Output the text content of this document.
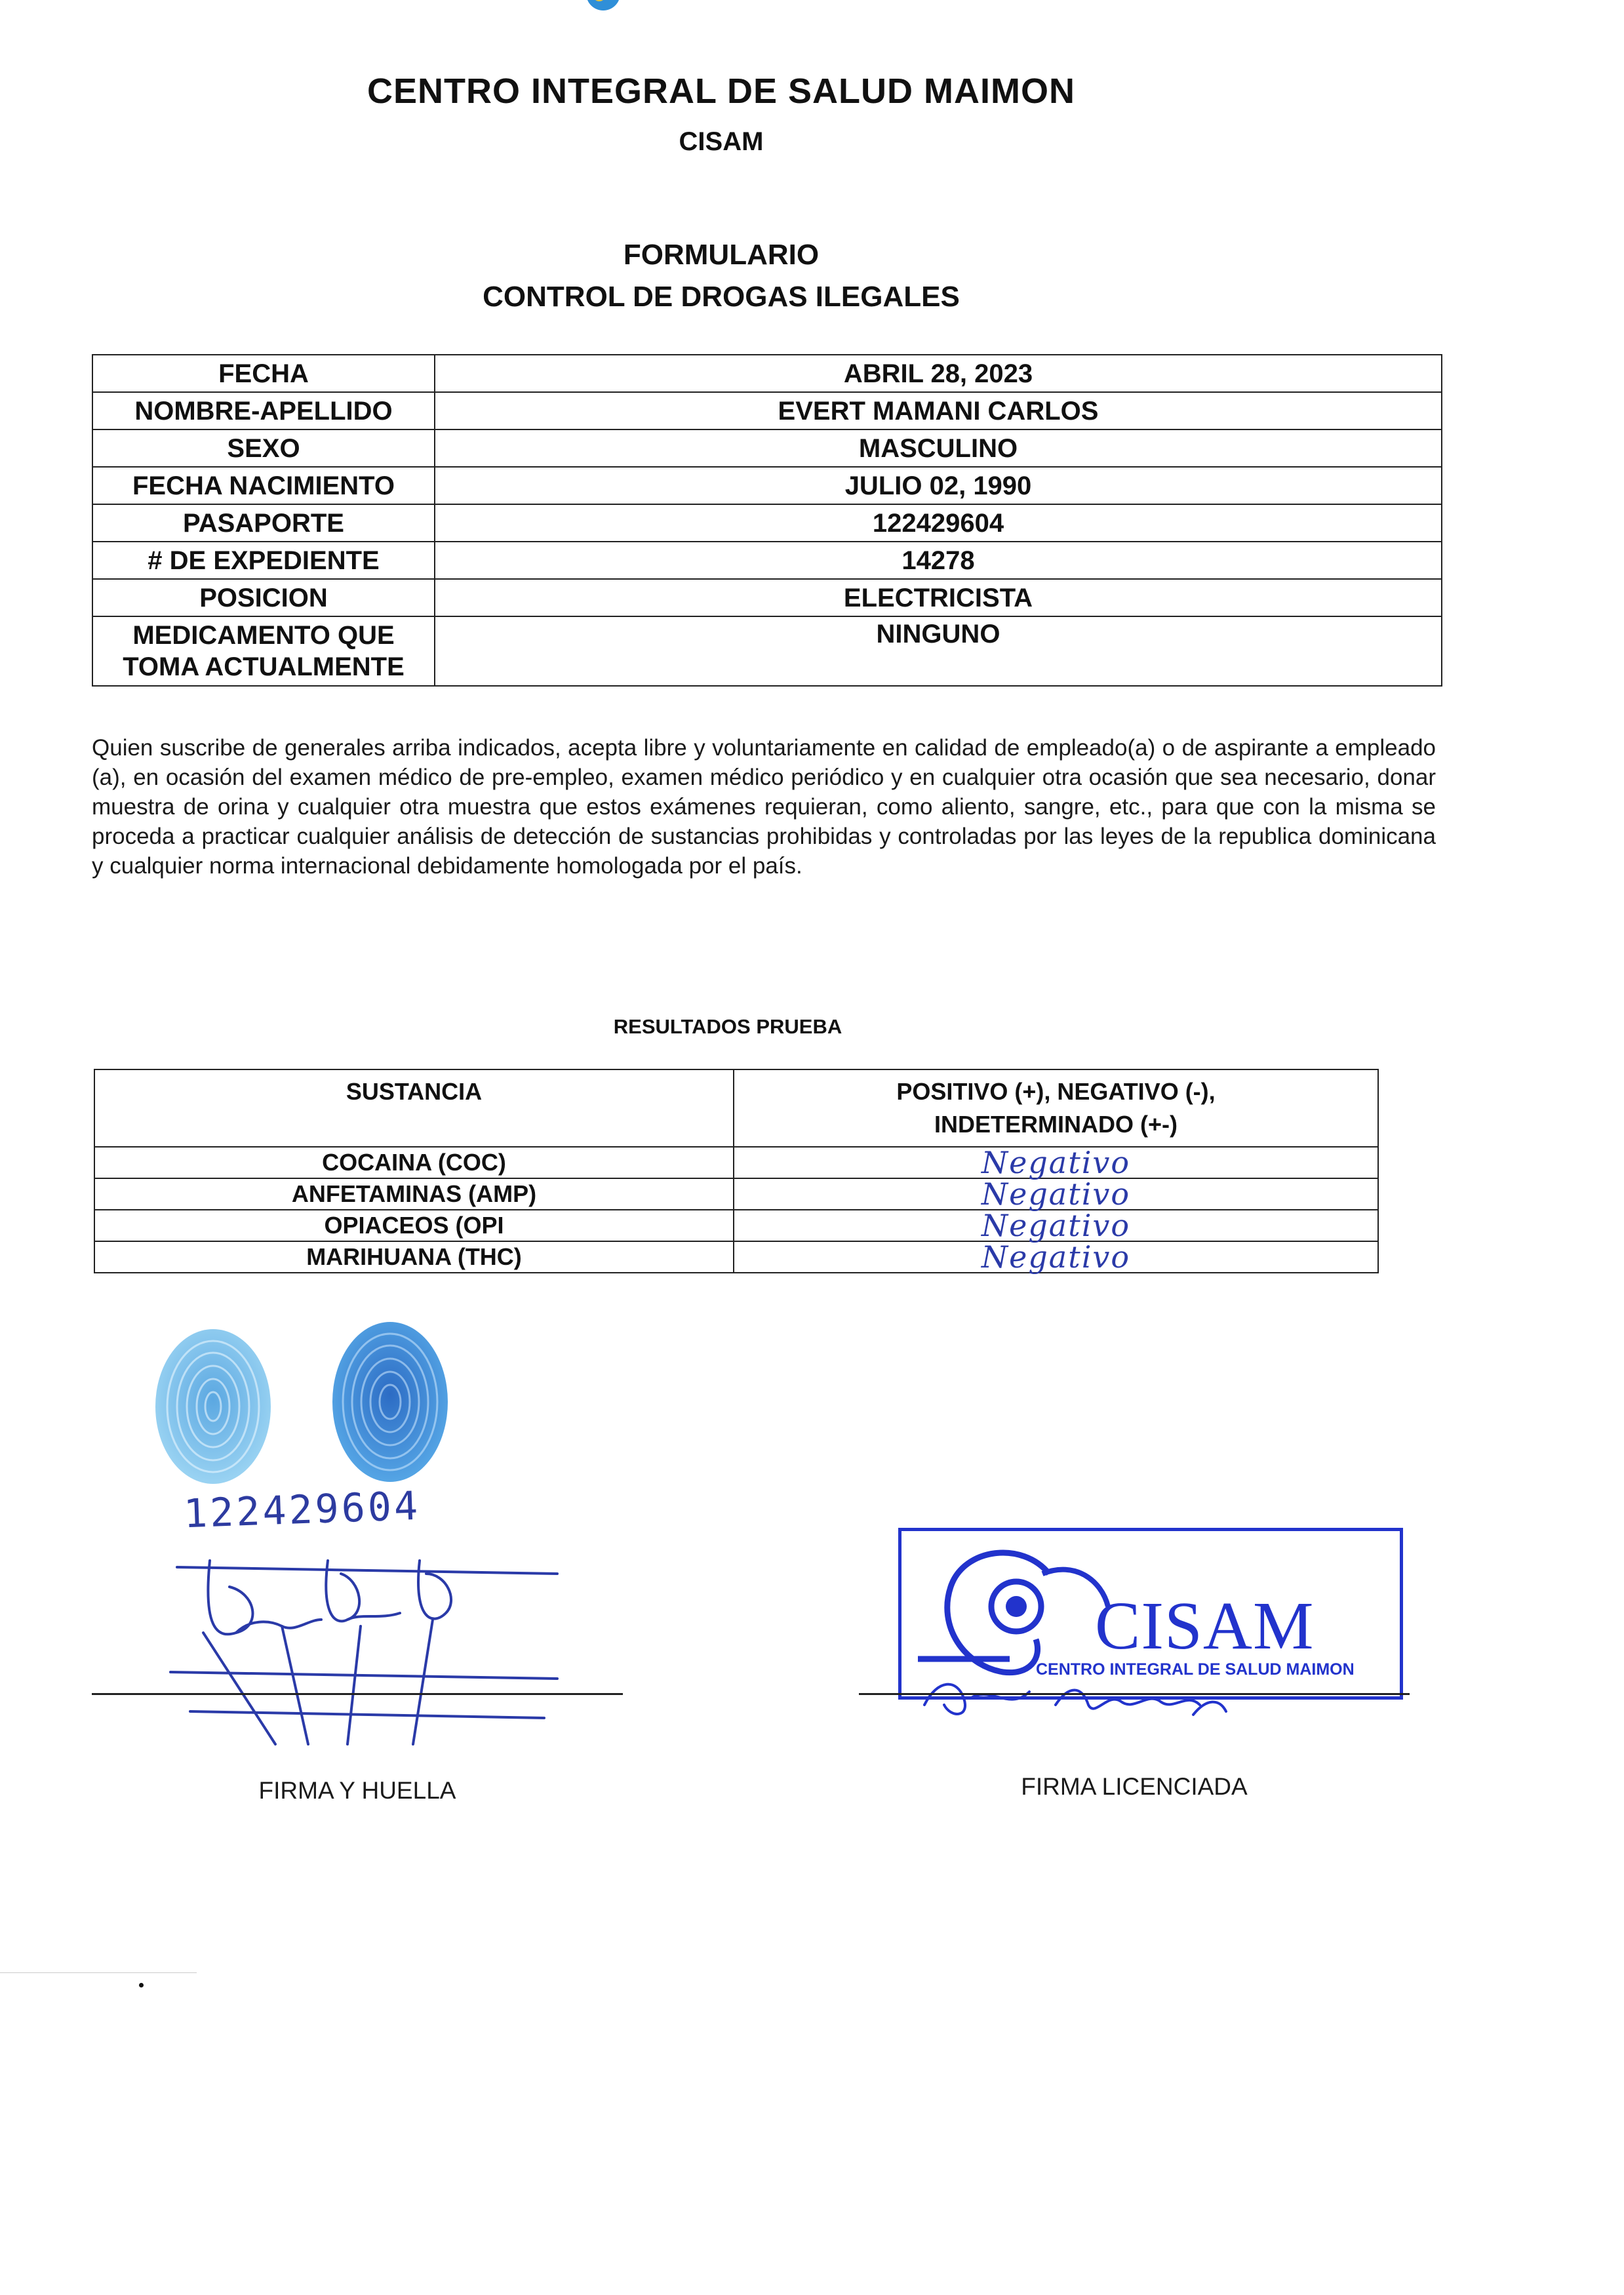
CENTRO INTEGRAL DE SALUD MAIMON
CISAM
FORMULARIO
CONTROL DE DROGAS ILEGALES
FECHA	ABRIL 28, 2023
NOMBRE-APELLIDO	EVERT MAMANI CARLOS
SEXO	MASCULINO
FECHA NACIMIENTO	JULIO 02, 1990
PASAPORTE	122429604
# DE EXPEDIENTE	14278
POSICION	ELECTRICISTA

MEDICAMENTO QUE
TOMA ACTUALMENTE	NINGUNO
Quien suscribe de generales arriba indicados, acepta libre y voluntariamente en calidad de empleado(a) o de aspirante a empleado (a), en ocasión del examen médico de pre-empleo, examen médico periódico y en cualquier otra ocasión que sea necesario, donar muestra de orina y cualquier otra muestra que estos exámenes requieran, como aliento, sangre, etc., para que con la misma se proceda a practicar cualquier análisis de detección de sustancias prohibidas y controladas por las leyes de la republica dominicana y cualquier norma internacional debidamente homologada por el país.
RESULTADOS PRUEBA
SUSTANCIA	POSITIVO (+), NEGATIVO (-),
INDETERMINADO (+-)

COCAINA (COC)	Negativo
ANFETAMINAS (AMP)	Negativo
OPIACEOS (OPI	Negativo
MARIHUANA (THC)	Negativo
122429604
FIRMA Y HUELLA
CISAM
CENTRO INTEGRAL DE SALUD MAIMON
FIRMA LICENCIADA
